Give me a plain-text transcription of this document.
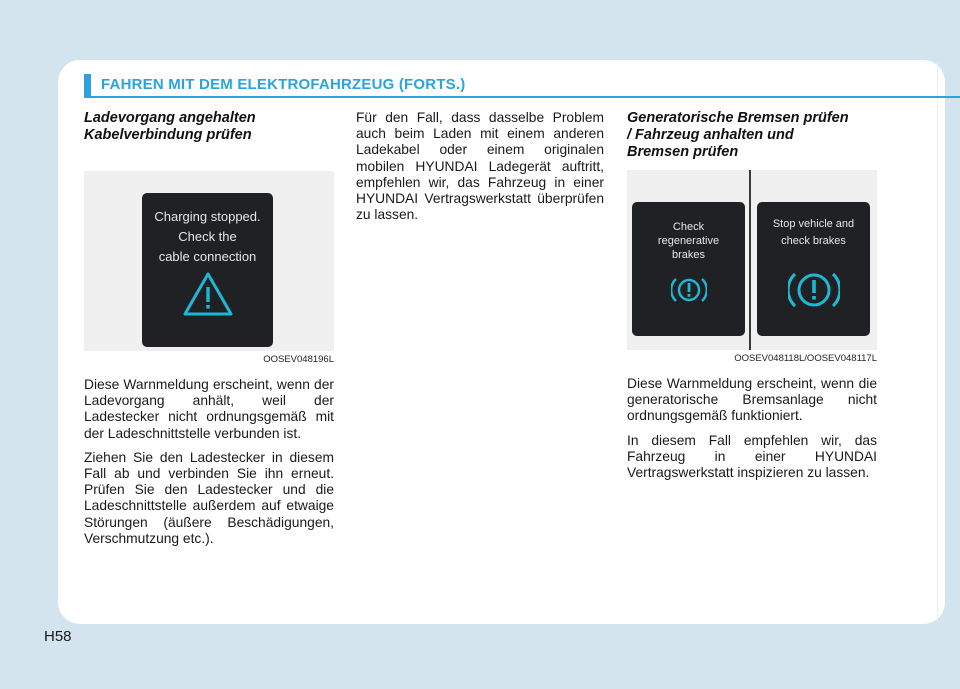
FAHREN MIT DEM ELEKTROFAHRZEUG (FORTS.)

Ladevorgang angehalten
Kabelverbindung prüfen

Charging stopped.
Check the
cable connection
OOSEV048196L

Diese Warnmeldung erscheint, wenn der Ladevorgang anhält, weil der Ladestecker nicht ordnungsgemäß mit der Ladeschnittstelle verbunden ist.

Ziehen Sie den Ladestecker in diesem Fall ab und verbinden Sie ihn erneut. Prüfen Sie den Ladestecker und die Ladeschnittstelle außerdem auf etwaige Störungen (äußere Beschädigungen, Verschmutzung etc.).

Für den Fall, dass dasselbe Problem auch beim Laden mit einem anderen Ladekabel oder einem originalen mobilen HYUNDAI Ladegerät auftritt, empfehlen wir, das Fahrzeug in einer HYUNDAI Vertragswerkstatt überprüfen zu lassen.

Generatorische Bremsen prüfen
/ Fahrzeug anhalten und
Bremsen prüfen

Check
regenerative
brakes
Stop vehicle and
check brakes
OOSEV048118L/OOSEV048117L

Diese Warnmeldung erscheint, wenn die generatorische Bremsanlage nicht ordnungsgemäß funktioniert.

In diesem Fall empfehlen wir, das Fahrzeug in einer HYUNDAI Vertragswerkstatt inspizieren zu lassen.

H58
